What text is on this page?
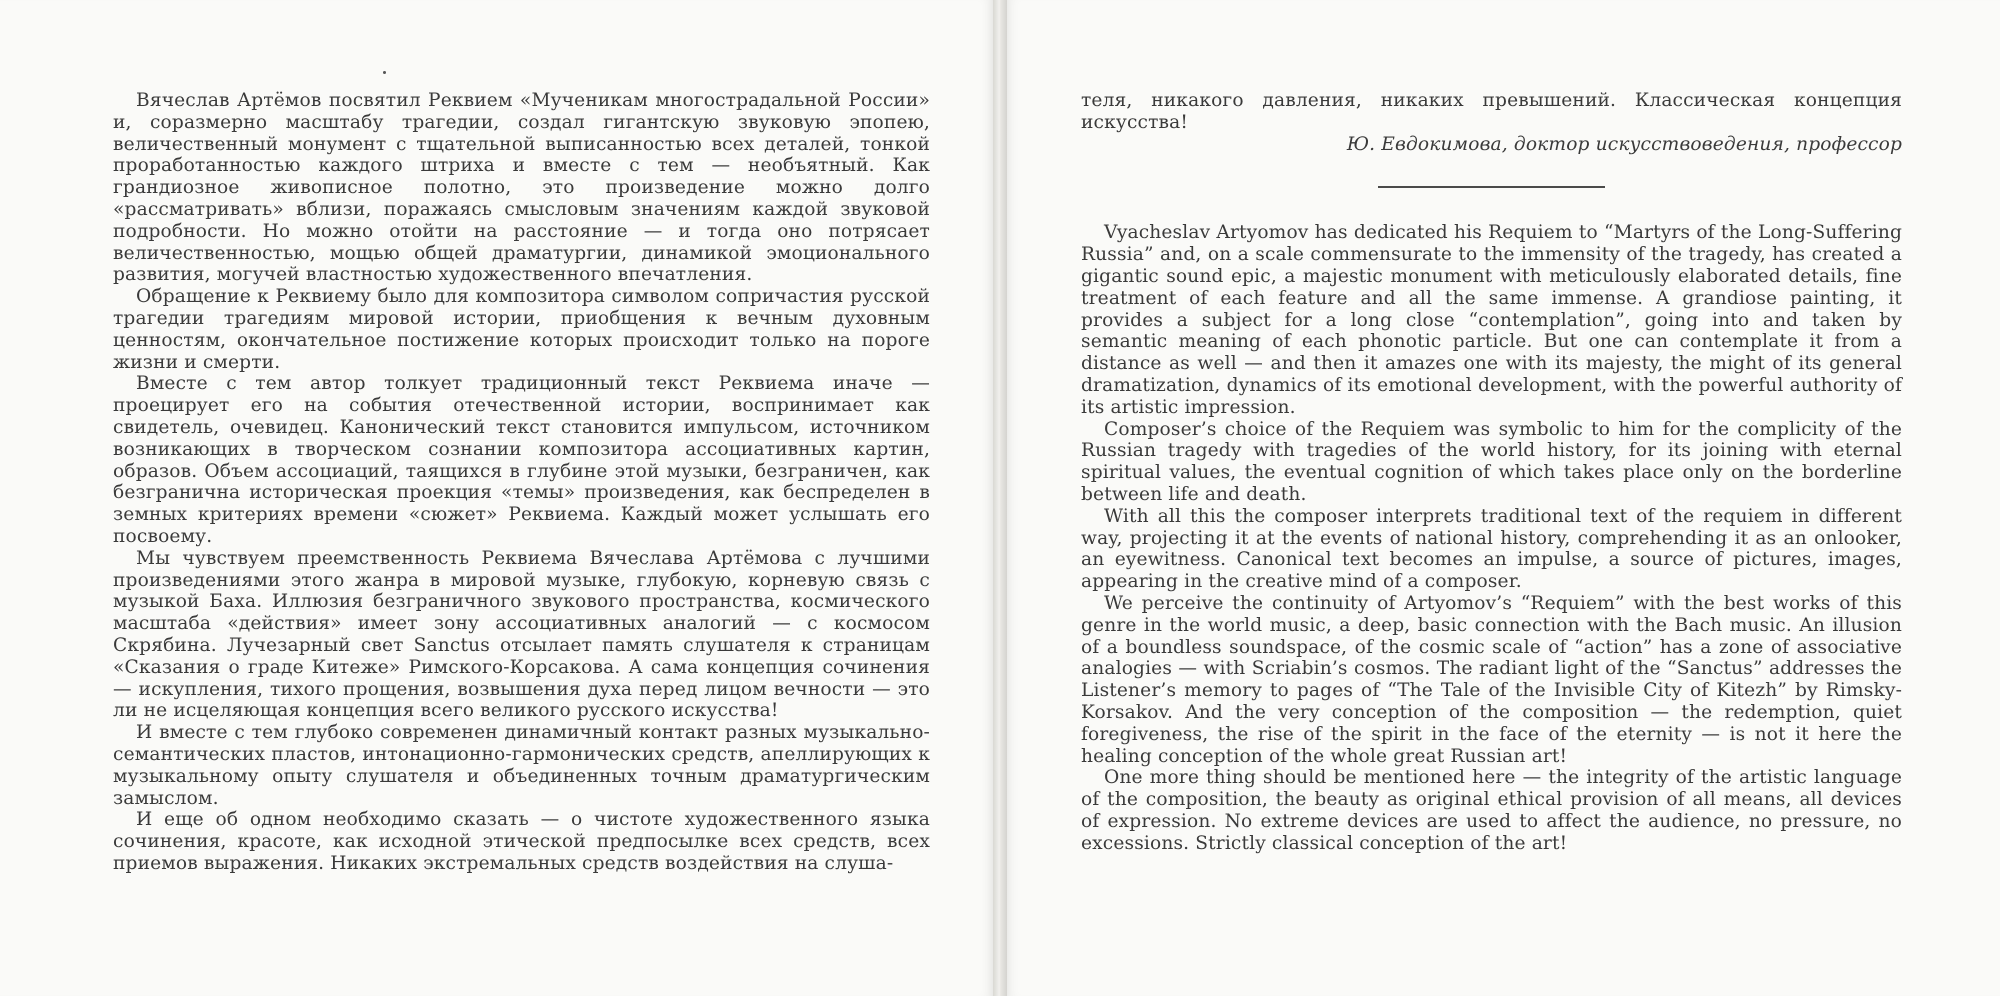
Вячеслав Артёмов посвятил Реквием «Мученикам многострадальной России» и, соразмерно масштабу трагедии, создал гигантскую звуковую эпопею, величественный монумент с тщательной выписанностью всех деталей, тонкой проработанностью каждого штриха и вместе с тем — необъятный. Как грандиозное живописное полотно, это произведение можно долго «рассматривать» вблизи, поражаясь смысловым значениям каждой звуковой подробности. Но можно отойти на расстояние — и тогда оно потрясает величественностью, мощью общей драматургии, динамикой эмоционального развития, могучей властностью художественного впечатления.

Обращение к Реквиему было для композитора символом сопричастия русской трагедии трагедиям мировой истории, приобщения к вечным духовным ценностям, окончательное постижение которых происходит только на пороге жизни и смерти.

Вместе с тем автор толкует традиционный текст Реквиема иначе — проецирует его на события отечественной истории, воспринимает как свидетель, очевидец. Канонический текст становится импульсом, источником возникающих в творческом сознании композитора ассоциативных картин, образов. Объем ассоциаций, таящихся в глубине этой музыки, безграничен, как безгранична историческая проекция «темы» произведения, как беспределен в земных критериях времени «сюжет» Реквиема. Каждый может услышать его посвоему.

Мы чувствуем преемственность Реквиема Вячеслава Артёмова с лучшими произведениями этого жанра в мировой музыке, глубокую, корневую связь с музыкой Баха. Иллюзия безграничного звукового пространства, космического масштаба «действия» имеет зону ассоциативных аналогий — с космосом Скрябина. Лучезарный свет Sanctus отсылает память слушателя к страницам «Сказания о граде Китеже» Римского-Корсакова. А сама концепция сочинения — искупления, тихого прощения, возвышения духа перед лицом вечности — это ли не исцеляющая концепция всего великого русского искусства!

И вместе с тем глубоко современен динамичный контакт разных музыкально-семантических пластов, интонационно-гармонических средств, апеллирующих к музыкальному опыту слушателя и объединенных точным драматургическим замыслом.

И еще об одном необходимо сказать — о чистоте художественного языка сочинения, красоте, как исходной этической предпосылке всех средств, всех приемов выражения. Никаких экстремальных средств воздействия на слуша-

теля, никакого давления, никаких превышений. Классическая концепция искусства!

Ю. Евдокимова, доктор искусствоведения, профессор

Vyacheslav Artyomov has dedicated his Requiem to “Martyrs of the Long-Suffering Russia” and, on a scale commensurate to the immensity of the tragedy, has created a gigantic sound epic, a majestic monument with meticulously elaborated details, fine treatment of each feature and all the same immense. A grandiose painting, it provides a subject for a long close “contemplation”, going into and taken by semantic meaning of each phonotic particle. But one can contemplate it from a distance as well — and then it amazes one with its majesty, the might of its general dramatization, dynamics of its emotional development, with the powerful authority of its artistic impression.

Composer’s choice of the Requiem was symbolic to him for the complicity of the Russian tragedy with tragedies of the world history, for its joining with eternal spiritual values, the eventual cognition of which takes place only on the borderline between life and death.

With all this the composer interprets traditional text of the requiem in different way, projecting it at the events of national history, comprehending it as an onlooker, an eyewitness. Canonical text becomes an impulse, a source of pictures, images, appearing in the creative mind of a composer.

We perceive the continuity of Artyomov’s “Requiem” with the best works of this genre in the world music, a deep, basic connection with the Bach music. An illusion of a boundless soundspace, of the cosmic scale of “action” has a zone of associative analogies — with Scriabin’s cosmos. The radiant light of the “Sanctus” addresses the Listener’s memory to pages of “The Tale of the Invisible City of Kitezh” by Rimsky-Korsakov. And the very conception of the composition — the redemption, quiet foregiveness, the rise of the spirit in the face of the eternity — is not it here the healing conception of the whole great Russian art!

One more thing should be mentioned here — the integrity of the artistic language of the composition, the beauty as original ethical provision of all means, all devices of expression. No extreme devices are used to affect the audience, no pressure, no excessions. Strictly classical conception of the art!
